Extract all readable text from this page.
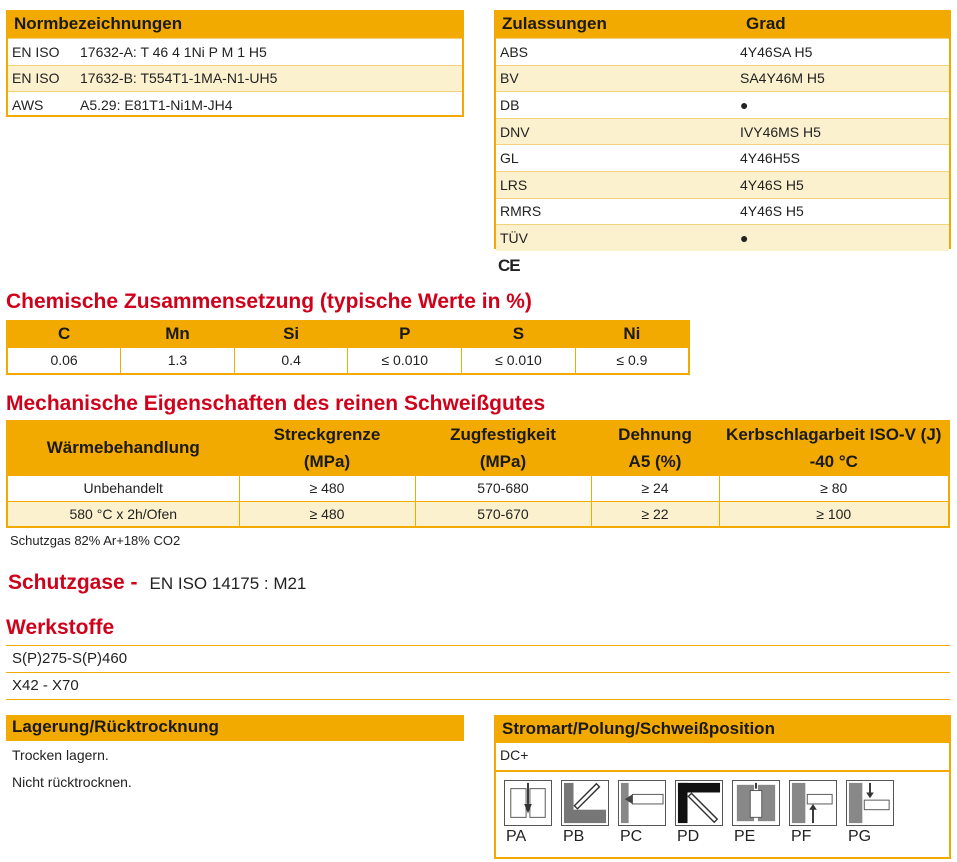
Normbezeichnungen
EN ISO	17632-A: T 46 4 1Ni P M 1 H5
EN ISO	17632-B: T554T1-1MA-N1-UH5
AWS	A5.29: E81T1-Ni1M-JH4
Zulassungen	Grad
ABS	4Y46SA H5
BV	SA4Y46M H5
DB	●
DNV	IVY46MS H5
GL	4Y46H5S
LRS	4Y46S H5
RMRS	4Y46S H5
TÜV	●
CE
Chemische Zusammensetzung (typische Werte in %)
C	Mn	Si	P	S	Ni
0.06	1.3	0.4	≤ 0.010	≤ 0.010	≤ 0.9
Mechanische Eigenschaften des reinen Schweißgutes
Wärmebehandlung	Streckgrenze	Zugfestigkeit	Dehnung	Kerbschlagarbeit ISO-V (J)
	(MPa)	(MPa)	A5 (%)	-40 °C
Unbehandelt	≥ 480	570-680	≥ 24	≥ 80
580 °C x 2h/Ofen	≥ 480	570-670	≥ 22	≥ 100
Schutzgas 82% Ar+18% CO2
Schutzgase - EN ISO 14175 : M21
Werkstoffe
S(P)275-S(P)460
X42 - X70
Lagerung/Rücktrocknung
Trocken lagern.
Nicht rücktrocknen.
Stromart/Polung/Schweißposition
DC+
PA	PB	PC	PD	PE	PF	PG
